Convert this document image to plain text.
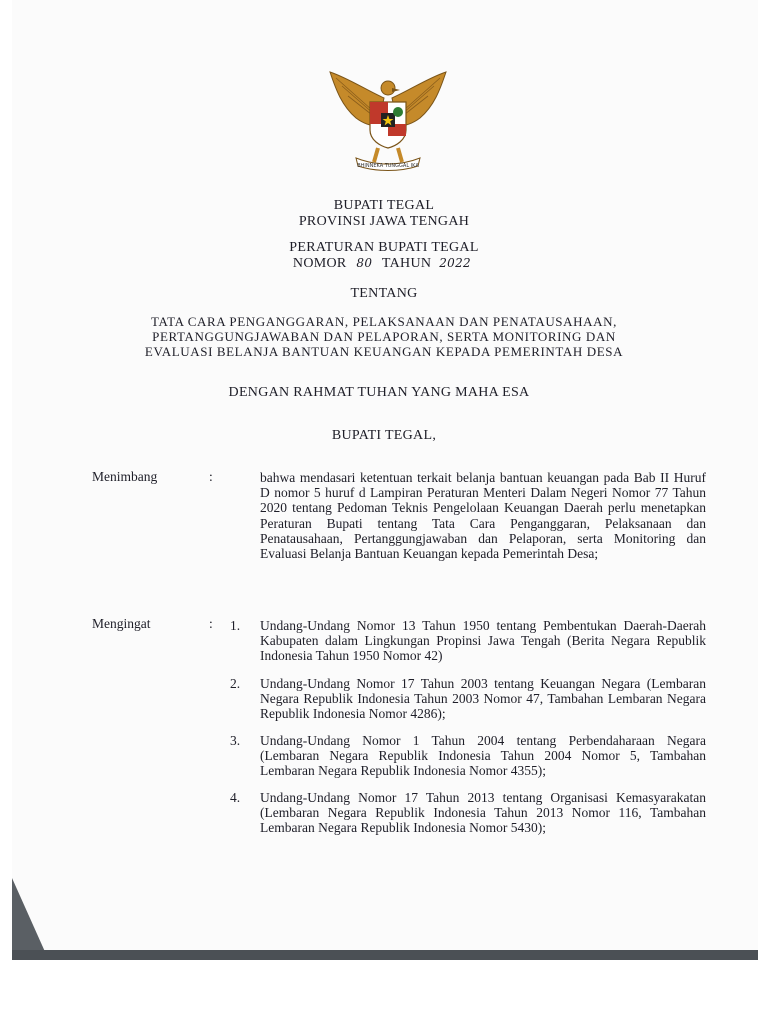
BHINNEKA TUNGGAL IKA
BUPATI TEGAL
PROVINSI JAWA TENGAH
PERATURAN BUPATI TEGAL
NOMOR 80 TAHUN 2022
TENTANG
TATA CARA PENGANGGARAN, PELAKSANAAN DAN PENATAUSAHAAN,
PERTANGGUNGJAWABAN DAN PELAPORAN, SERTA MONITORING DAN
EVALUASI BELANJA BANTUAN KEUANGAN KEPADA PEMERINTAH DESA
DENGAN RAHMAT TUHAN YANG MAHA ESA
BUPATI TEGAL,
Menimbang	:	bahwa mendasari ketentuan terkait belanja bantuan keuangan pada Bab II Huruf D nomor 5 huruf d Lampiran Peraturan Menteri Dalam Negeri Nomor 77 Tahun 2020 tentang Pedoman Teknis Pengelolaan Keuangan Daerah perlu menetapkan Peraturan Bupati tentang Tata Cara Penganggaran, Pelaksanaan dan Penatausahaan, Pertanggungjawaban dan Pelaporan, serta Monitoring dan Evaluasi Belanja Bantuan Keuangan kepada Pemerintah Desa;
Mengingat	: 1. Undang-Undang Nomor 13 Tahun 1950 tentang Pembentukan Daerah-Daerah Kabupaten dalam Lingkungan Propinsi Jawa Tengah (Berita Negara Republik Indonesia Tahun 1950 Nomor 42)
2. Undang-Undang Nomor 17 Tahun 2003 tentang Keuangan Negara (Lembaran Negara Republik Indonesia Tahun 2003 Nomor 47, Tambahan Lembaran Negara Republik Indonesia Nomor 4286);
3. Undang-Undang Nomor 1 Tahun 2004 tentang Perbendaharaan Negara (Lembaran Negara Republik Indonesia Tahun 2004 Nomor 5, Tambahan Lembaran Negara Republik Indonesia Nomor 4355);
4. Undang-Undang Nomor 17 Tahun 2013 tentang Organisasi Kemasyarakatan (Lembaran Negara Republik Indonesia Tahun 2013 Nomor 116, Tambahan Lembaran Negara Republik Indonesia Nomor 5430);
